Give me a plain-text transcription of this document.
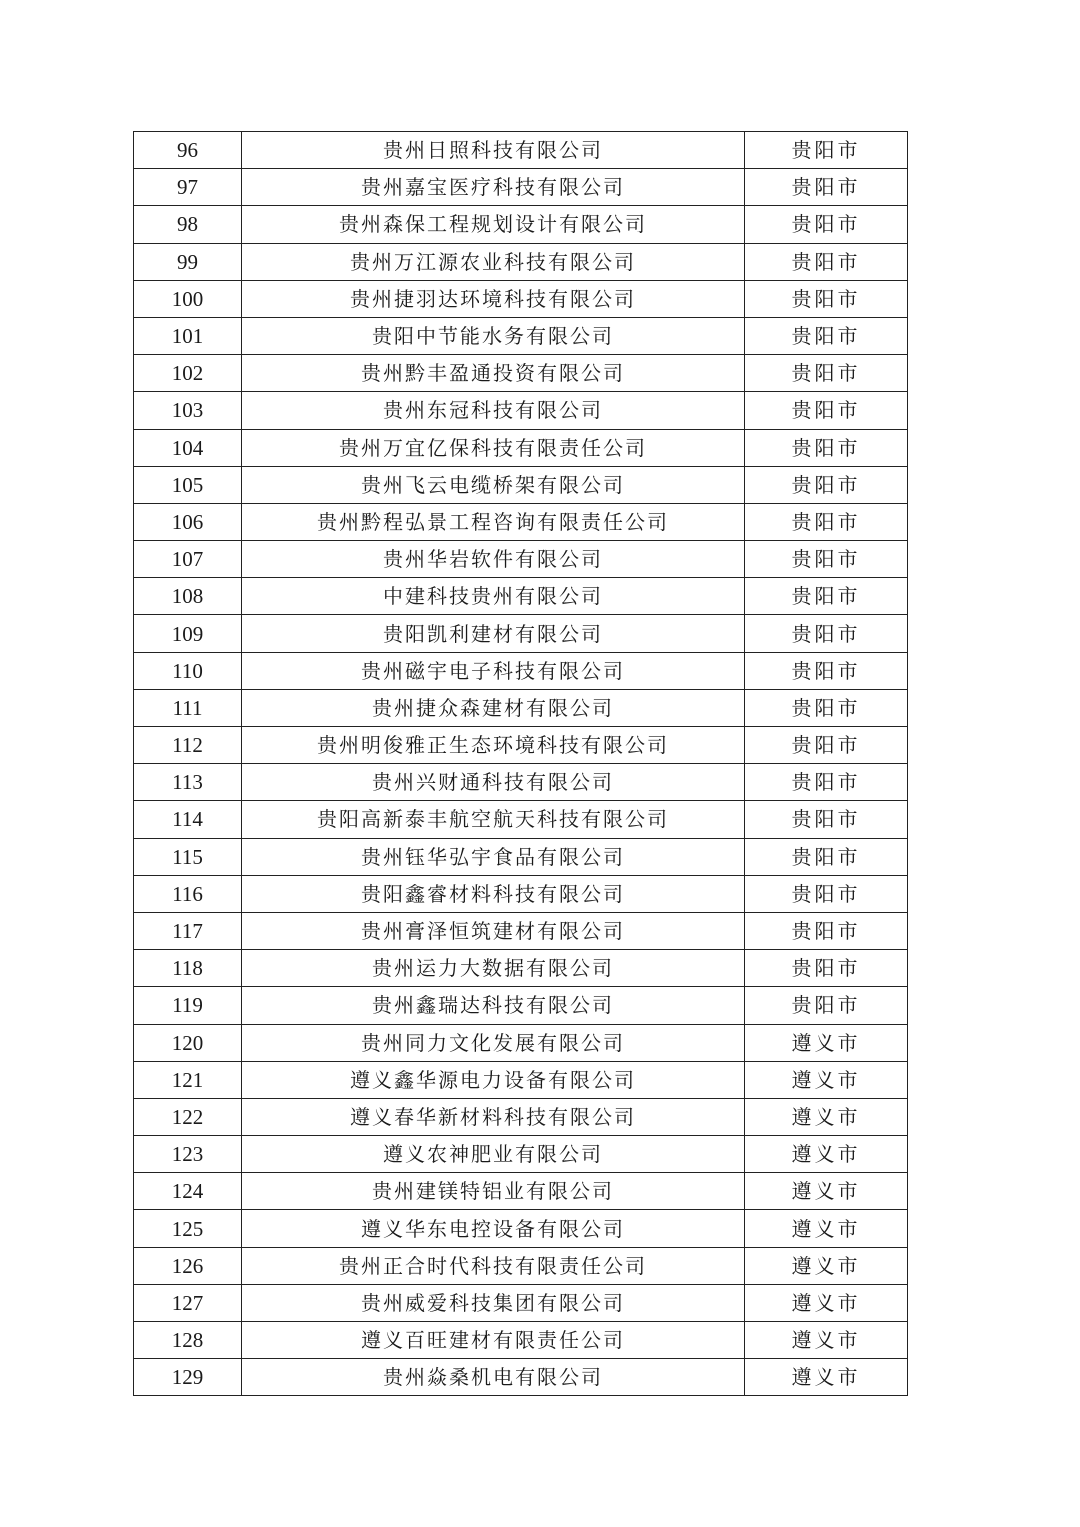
96	贵州日照科技有限公司	贵阳市
97	贵州嘉宝医疗科技有限公司	贵阳市
98	贵州森保工程规划设计有限公司	贵阳市
99	贵州万江源农业科技有限公司	贵阳市
100	贵州捷羽达环境科技有限公司	贵阳市
101	贵阳中节能水务有限公司	贵阳市
102	贵州黔丰盈通投资有限公司	贵阳市
103	贵州东冠科技有限公司	贵阳市
104	贵州万宜亿保科技有限责任公司	贵阳市
105	贵州飞云电缆桥架有限公司	贵阳市
106	贵州黔程弘景工程咨询有限责任公司	贵阳市
107	贵州华岩软件有限公司	贵阳市
108	中建科技贵州有限公司	贵阳市
109	贵阳凯利建材有限公司	贵阳市
110	贵州磁宇电子科技有限公司	贵阳市
111	贵州捷众森建材有限公司	贵阳市
112	贵州明俊雅正生态环境科技有限公司	贵阳市
113	贵州兴财通科技有限公司	贵阳市
114	贵阳高新泰丰航空航天科技有限公司	贵阳市
115	贵州钰华弘宇食品有限公司	贵阳市
116	贵阳鑫睿材料科技有限公司	贵阳市
117	贵州膏泽恒筑建材有限公司	贵阳市
118	贵州运力大数据有限公司	贵阳市
119	贵州鑫瑞达科技有限公司	贵阳市
120	贵州同力文化发展有限公司	遵义市
121	遵义鑫华源电力设备有限公司	遵义市
122	遵义春华新材料科技有限公司	遵义市
123	遵义农神肥业有限公司	遵义市
124	贵州建镁特铝业有限公司	遵义市
125	遵义华东电控设备有限公司	遵义市
126	贵州正合时代科技有限责任公司	遵义市
127	贵州威爱科技集团有限公司	遵义市
128	遵义百旺建材有限责任公司	遵义市
129	贵州焱桑机电有限公司	遵义市
